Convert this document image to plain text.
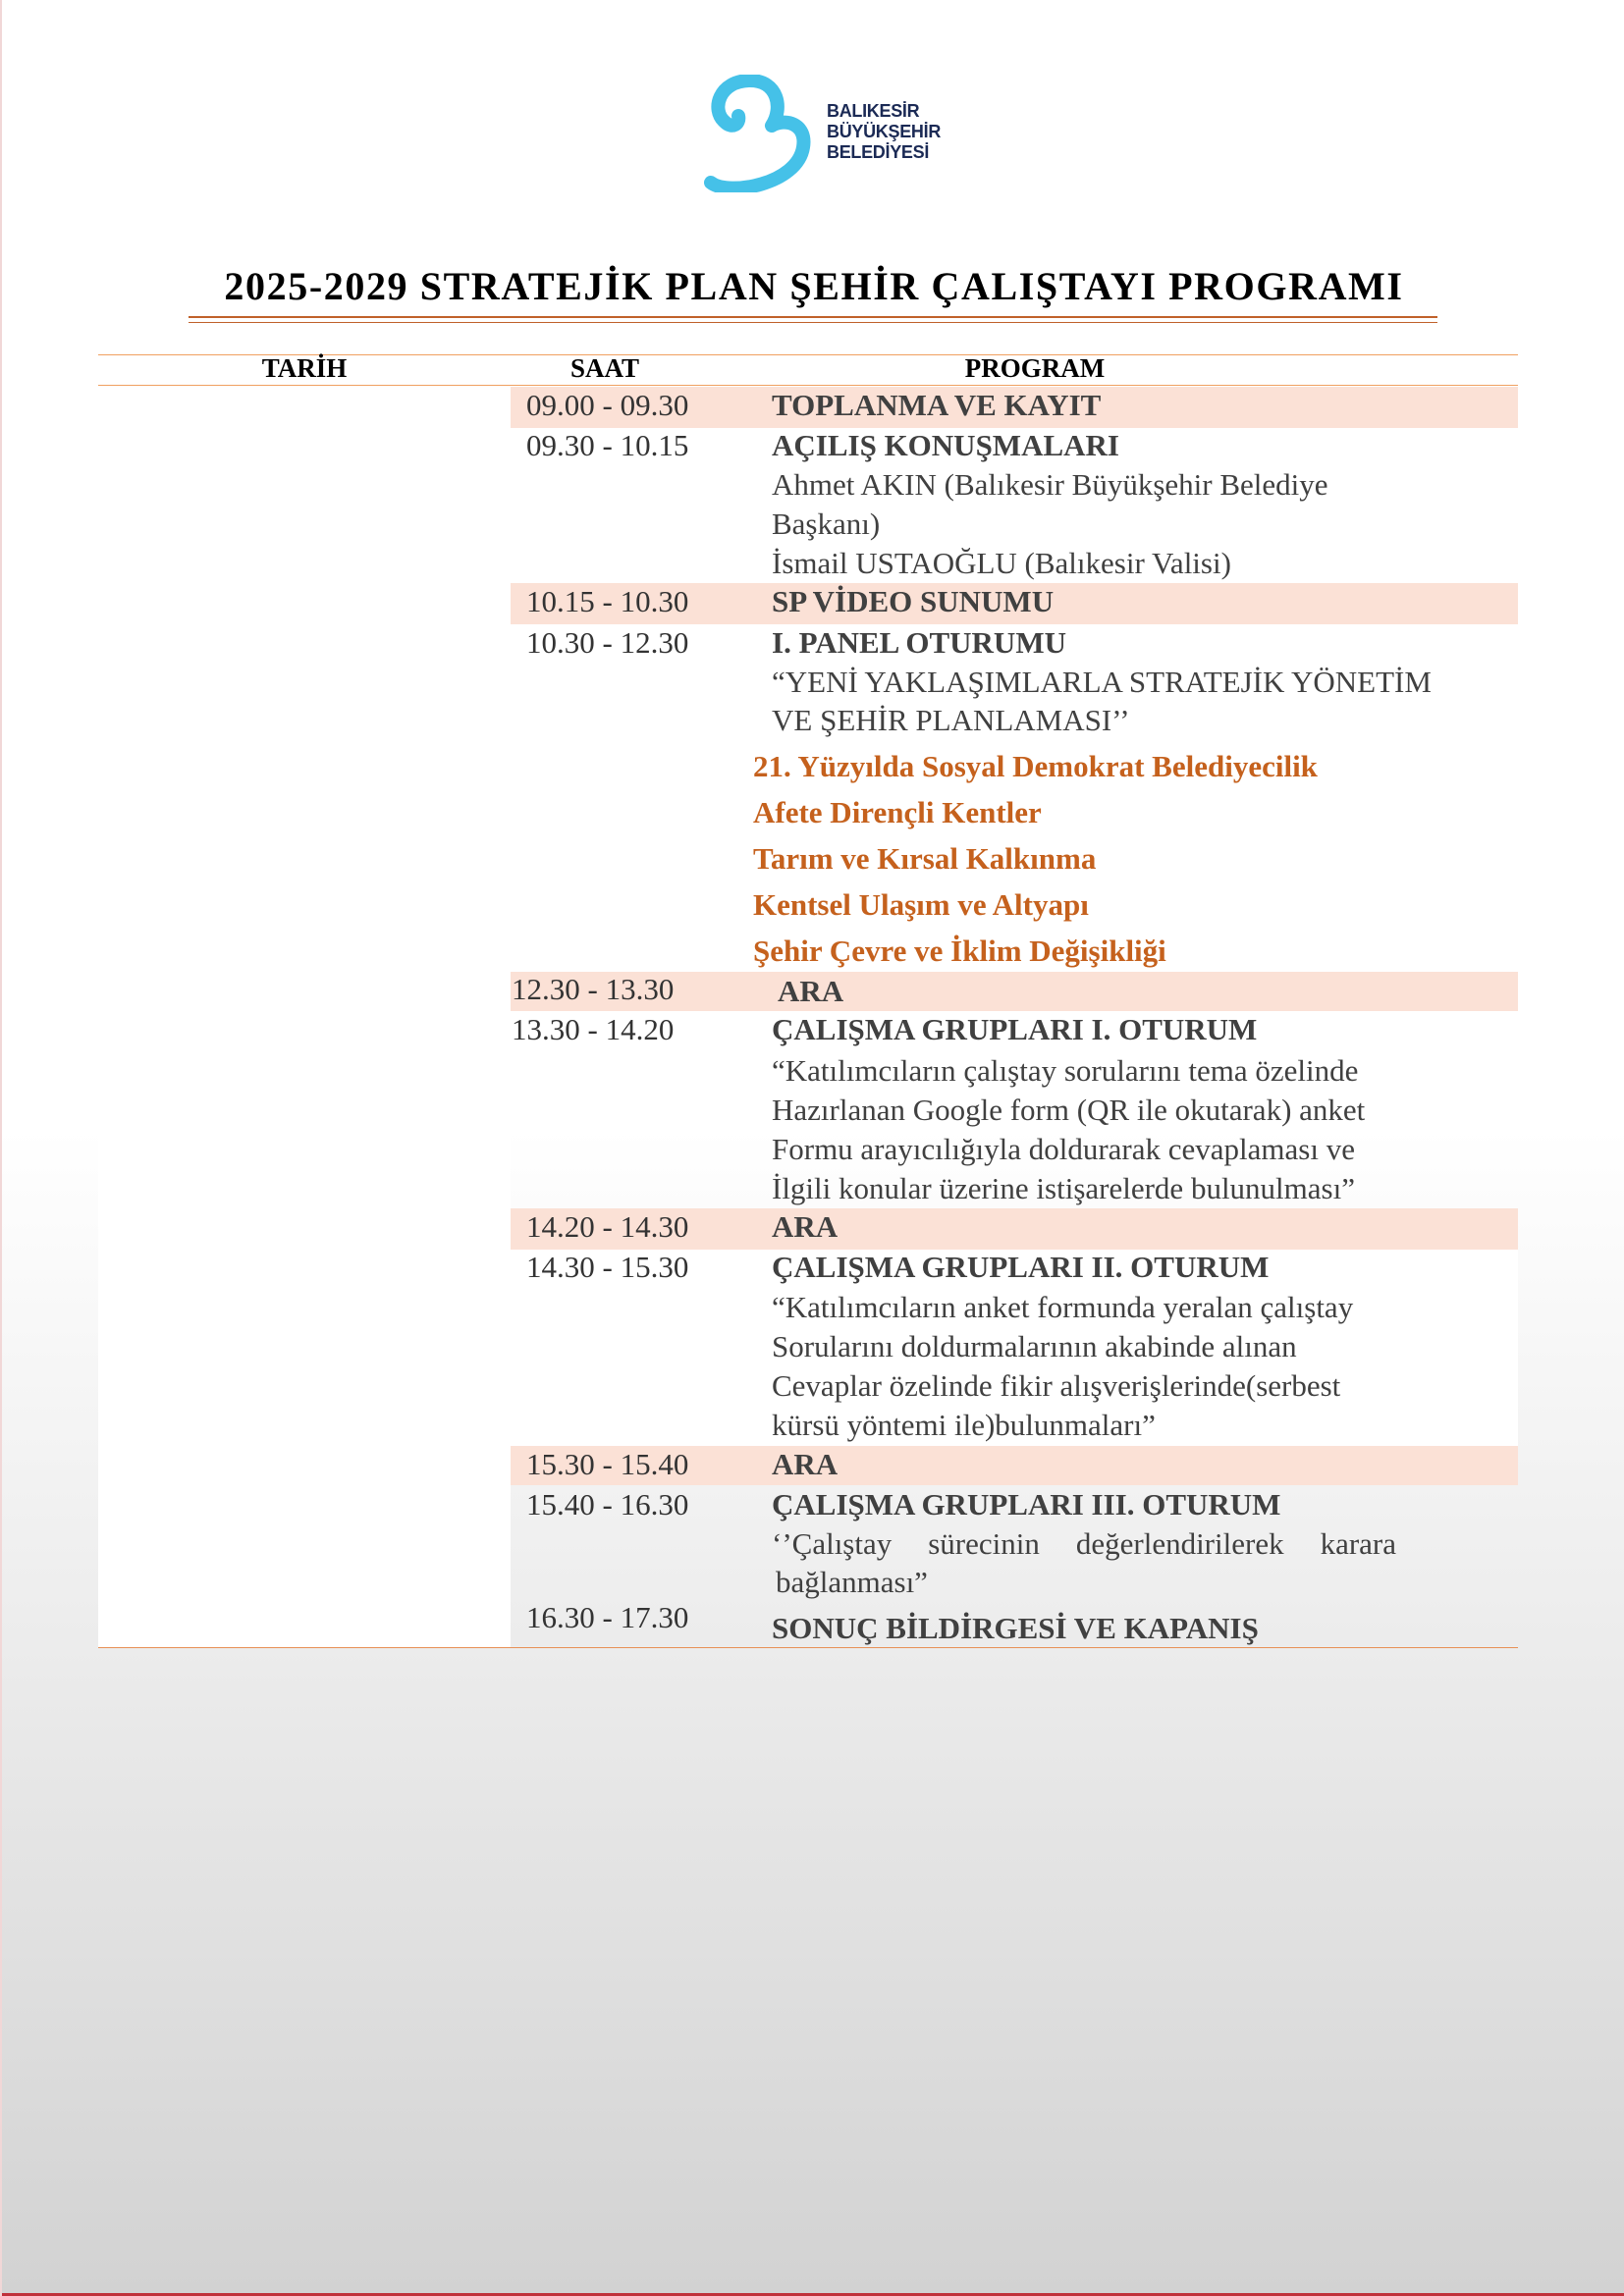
BALIKESİR
BÜYÜKŞEHİR
BELEDİYESİ
2025-2029 STRATEJİK PLAN ŞEHİR ÇALIŞTAYI PROGRAMI
TARİH	SAAT	PROGRAM
09.00 - 09.30	TOPLANMA VE KAYIT
09.30 - 10.15	AÇILIŞ KONUŞMALARI
Ahmet AKIN (Balıkesir Büyükşehir Belediye
Başkanı)
İsmail USTAOĞLU (Balıkesir Valisi)
10.15 - 10.30	SP VİDEO SUNUMU
10.30 - 12.30	I. PANEL OTURUMU
“YENİ YAKLAŞIMLARLA STRATEJİK YÖNETİM
VE ŞEHİR PLANLAMASI’’
21. Yüzyılda Sosyal Demokrat Belediyecilik
Afete Dirençli Kentler
Tarım ve Kırsal Kalkınma
Kentsel Ulaşım ve Altyapı
Şehir Çevre ve İklim Değişikliği
12.30 - 13.30	ARA
13.30 - 14.20	ÇALIŞMA GRUPLARI I. OTURUM
“Katılımcıların çalıştay sorularını tema özelinde
Hazırlanan Google form (QR ile okutarak) anket
Formu arayıcılığıyla doldurarak cevaplaması ve
İlgili konular üzerine istişarelerde bulunulması”
14.20 - 14.30	ARA
14.30 - 15.30	ÇALIŞMA GRUPLARI II. OTURUM
“Katılımcıların anket formunda yeralan çalıştay
Sorularını doldurmalarının akabinde alınan
Cevaplar özelinde fikir alışverişlerinde(serbest
kürsü yöntemi ile)bulunmaları”
15.30 - 15.40	ARA
15.40 - 16.30	ÇALIŞMA GRUPLARI III. OTURUM
‘’Çalıştay sürecinin değerlendirilerek karara
bağlanması”
16.30 - 17.30	SONUÇ BİLDİRGESİ VE KAPANIŞ
